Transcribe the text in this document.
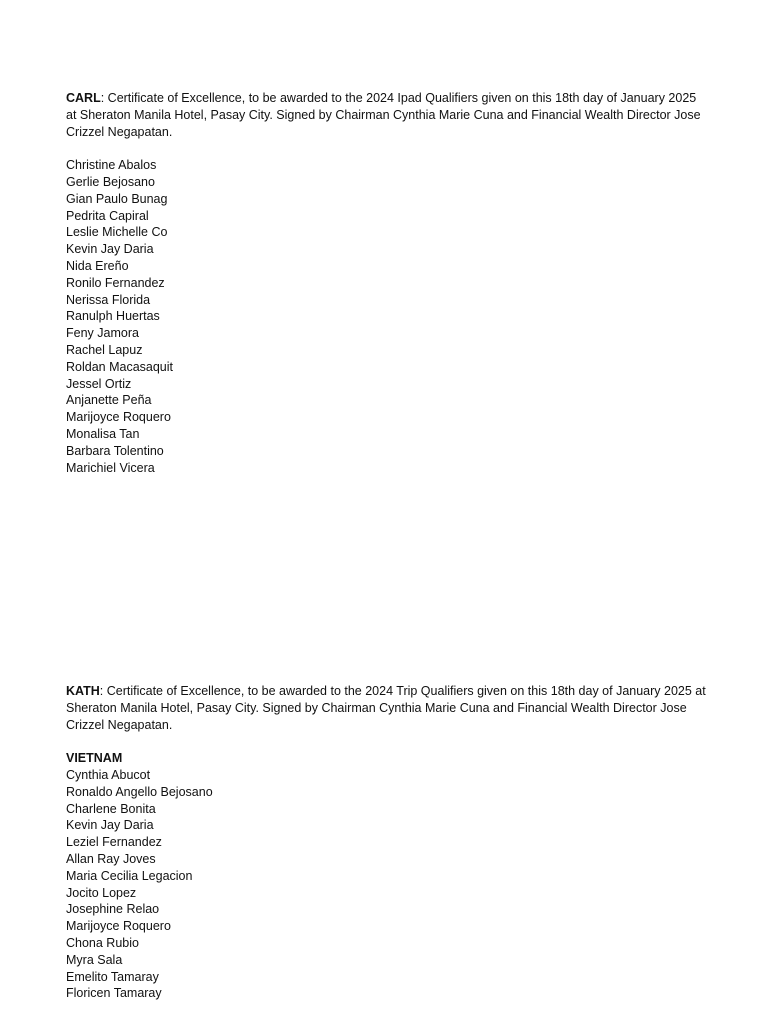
CARL: Certificate of Excellence, to be awarded to the 2024 Ipad Qualifiers given on this 18th day of January 2025 at Sheraton Manila Hotel, Pasay City. Signed by Chairman Cynthia Marie Cuna and Financial Wealth Director Jose Crizzel Negapatan.

Christine Abalos
Gerlie Bejosano
Gian Paulo Bunag
Pedrita Capiral
Leslie Michelle Co
Kevin Jay Daria
Nida Ereño
Ronilo Fernandez
Nerissa Florida
Ranulph Huertas
Feny Jamora
Rachel Lapuz
Roldan Macasaquit
Jessel Ortiz
Anjanette Peña
Marijoyce Roquero
Monalisa Tan
Barbara Tolentino
Marichiel Vicera

KATH: Certificate of Excellence, to be awarded to the 2024 Trip Qualifiers given on this 18th day of January 2025 at Sheraton Manila Hotel, Pasay City. Signed by Chairman Cynthia Marie Cuna and Financial Wealth Director Jose Crizzel Negapatan.

VIETNAM

Cynthia Abucot
Ronaldo Angello Bejosano
Charlene Bonita
Kevin Jay Daria
Leziel Fernandez
Allan Ray Joves
Maria Cecilia Legacion
Jocito Lopez
Josephine Relao
Marijoyce Roquero
Chona Rubio
Myra Sala
Emelito Tamaray
Floricen Tamaray
